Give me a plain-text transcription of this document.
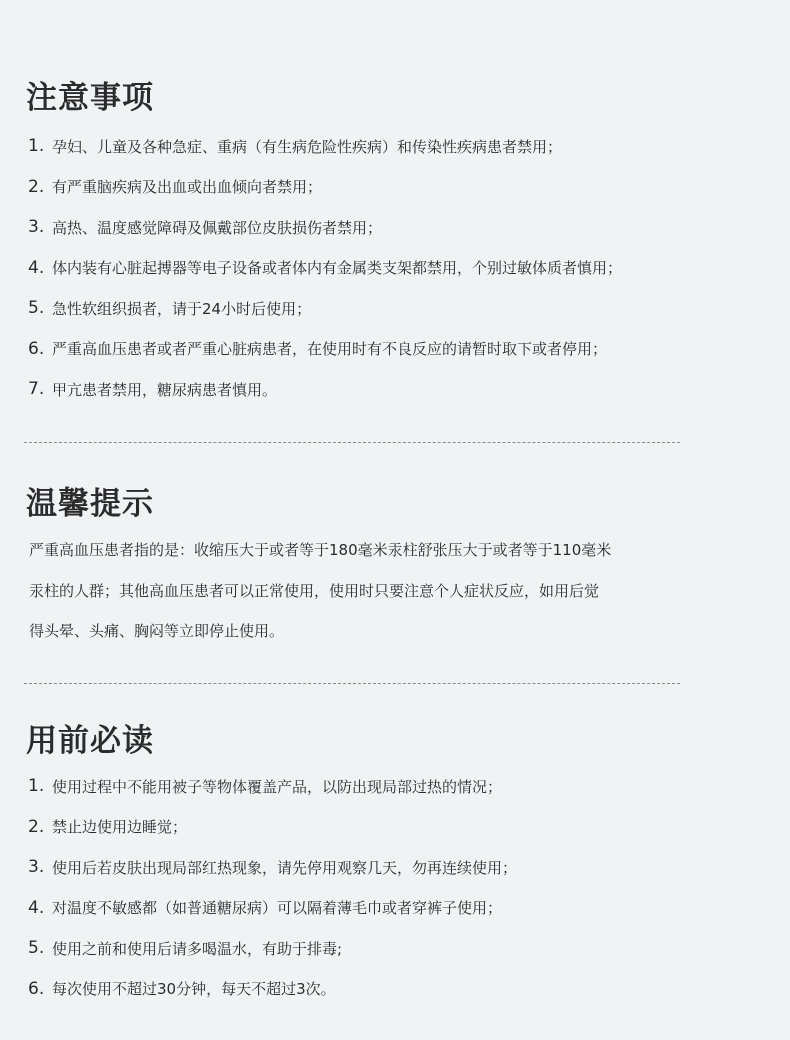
注意事项
1. 孕妇、儿童及各种急症、重病（有生病危险性疾病）和传染性疾病患者禁用；
2. 有严重脑疾病及出血或出血倾向者禁用；
3. 高热、温度感觉障碍及佩戴部位皮肤损伤者禁用；
4. 体内装有心脏起搏器等电子设备或者体内有金属类支架都禁用，个别过敏体质者慎用；
5. 急性软组织损者，请于24小时后使用；
6. 严重高血压患者或者严重心脏病患者，在使用时有不良反应的请暂时取下或者停用；
7. 甲亢患者禁用，糖尿病患者慎用。
温馨提示
严重高血压患者指的是：收缩压大于或者等于180毫米汞柱舒张压大于或者等于110毫米
汞柱的人群；其他高血压患者可以正常使用，使用时只要注意个人症状反应，如用后觉
得头晕、头痛、胸闷等立即停止使用。
用前必读
1. 使用过程中不能用被子等物体覆盖产品，以防出现局部过热的情况；
2. 禁止边使用边睡觉；
3. 使用后若皮肤出现局部红热现象，请先停用观察几天，勿再连续使用；
4. 对温度不敏感都（如普通糖尿病）可以隔着薄毛巾或者穿裤子使用；
5. 使用之前和使用后请多喝温水，有助于排毒;
6. 每次使用不超过30分钟，每天不超过3次。
